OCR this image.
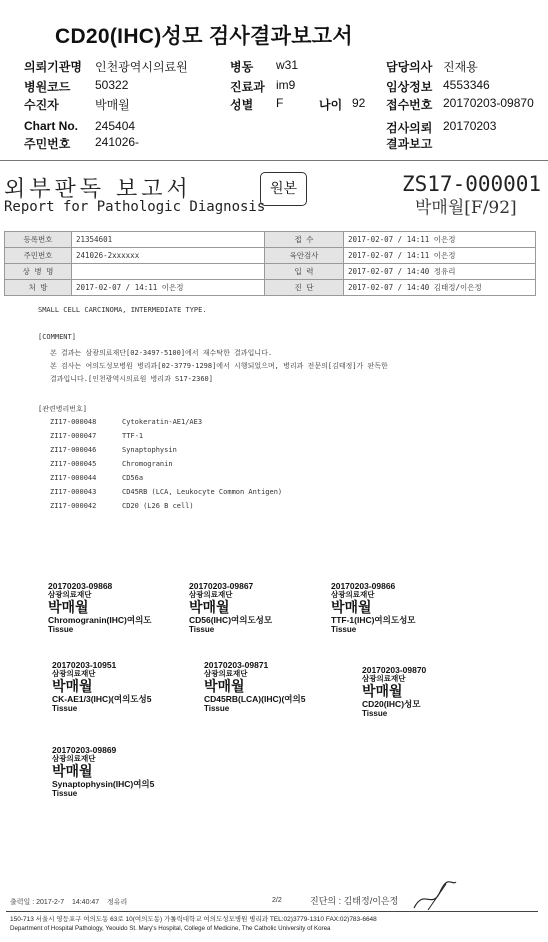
CD20(IHC)성모 검사결과보고서
의뢰기관명 인천광역시의료원
병원코드 50322
수진자	박매월
Chart No. 245404
주민번호 241026-
병동 w31
진료과 im9
성별 F	나이 92
담당의사 진재용
임상정보 4553346
접수번호 20170203-09870
검사의뢰 20170203
결과보고
외부판독 보고서
Report for Pathologic Diagnosis
원본	ZS17-000001
박매월[F/92]
등록번호	21354601	접 수	2017-02-07 / 14:11 이은정
주민번호	241026-2xxxxxx	육안검사	2017-02-07 / 14:11 이은정
상 병 명		입 력	2017-02-07 / 14:40 정유리
처 방	2017-02-07 / 14:11 이은정	진 단	2017-02-07 / 14:40 김태정/이은정
SMALL CELL CARCINOMA, INTERMEDIATE TYPE.
[COMMENT]
본 결과는 삼광의료재단[02-3497-5100]에서 재수탁한 결과입니다.
본 검사는 여의도성모병원 병리과[02-3779-1298]에서 시행되었으며, 병리과 전문의[김태정]가 판독한
결과입니다.[인천광역시의료원 병리과 S17-2360]
[관련병리번호]
ZI17-000048	Cytokeratin-AE1/AE3
ZI17-000047	TTF-1
ZI17-000046	Synaptophysin
ZI17-000045	Chromogranin
ZI17-000044	CD56a
ZI17-000043	CD45RB (LCA, Leukocyte Common Antigen)
ZI17-000042	CD20 (L26 B cell)
20170203-09868
삼광의료재단
박매월
Chromogranin(IHC)여의도
Tissue
20170203-09867
삼광의료재단
박매월
CD56(IHC)여의도성모
Tissue
20170203-09866
삼광의료재단
박매월
TTF-1(IHC)여의도성모
Tissue
20170203-10951
삼광의료재단
박매월
CK-AE1/3(IHC)(여의도성5
Tissue
20170203-09871
삼광의료재단
박매월
CD45RB(LCA)(IHC)(여의5
Tissue
20170203-09870
삼광의료재단
박매월
CD20(IHC)성모
Tissue
20170203-09869
삼광의료재단
박매월
Synaptophysin(IHC)여의5
Tissue
출력일 : 2017-2-7 14:40:47 정유리	2/2	진단의 : 김태정/이은정
150-713 서울시 영등포구 여의도동 63로 10(여의도동) 가톨릭대학교 여의도성모병원 병리과 TEL:02)3779-1310 FAX:02)783-6648
Department of Hospital Pathology, Yeouido St. Mary's Hospital, College of Medicine, The Catholic University of Korea
